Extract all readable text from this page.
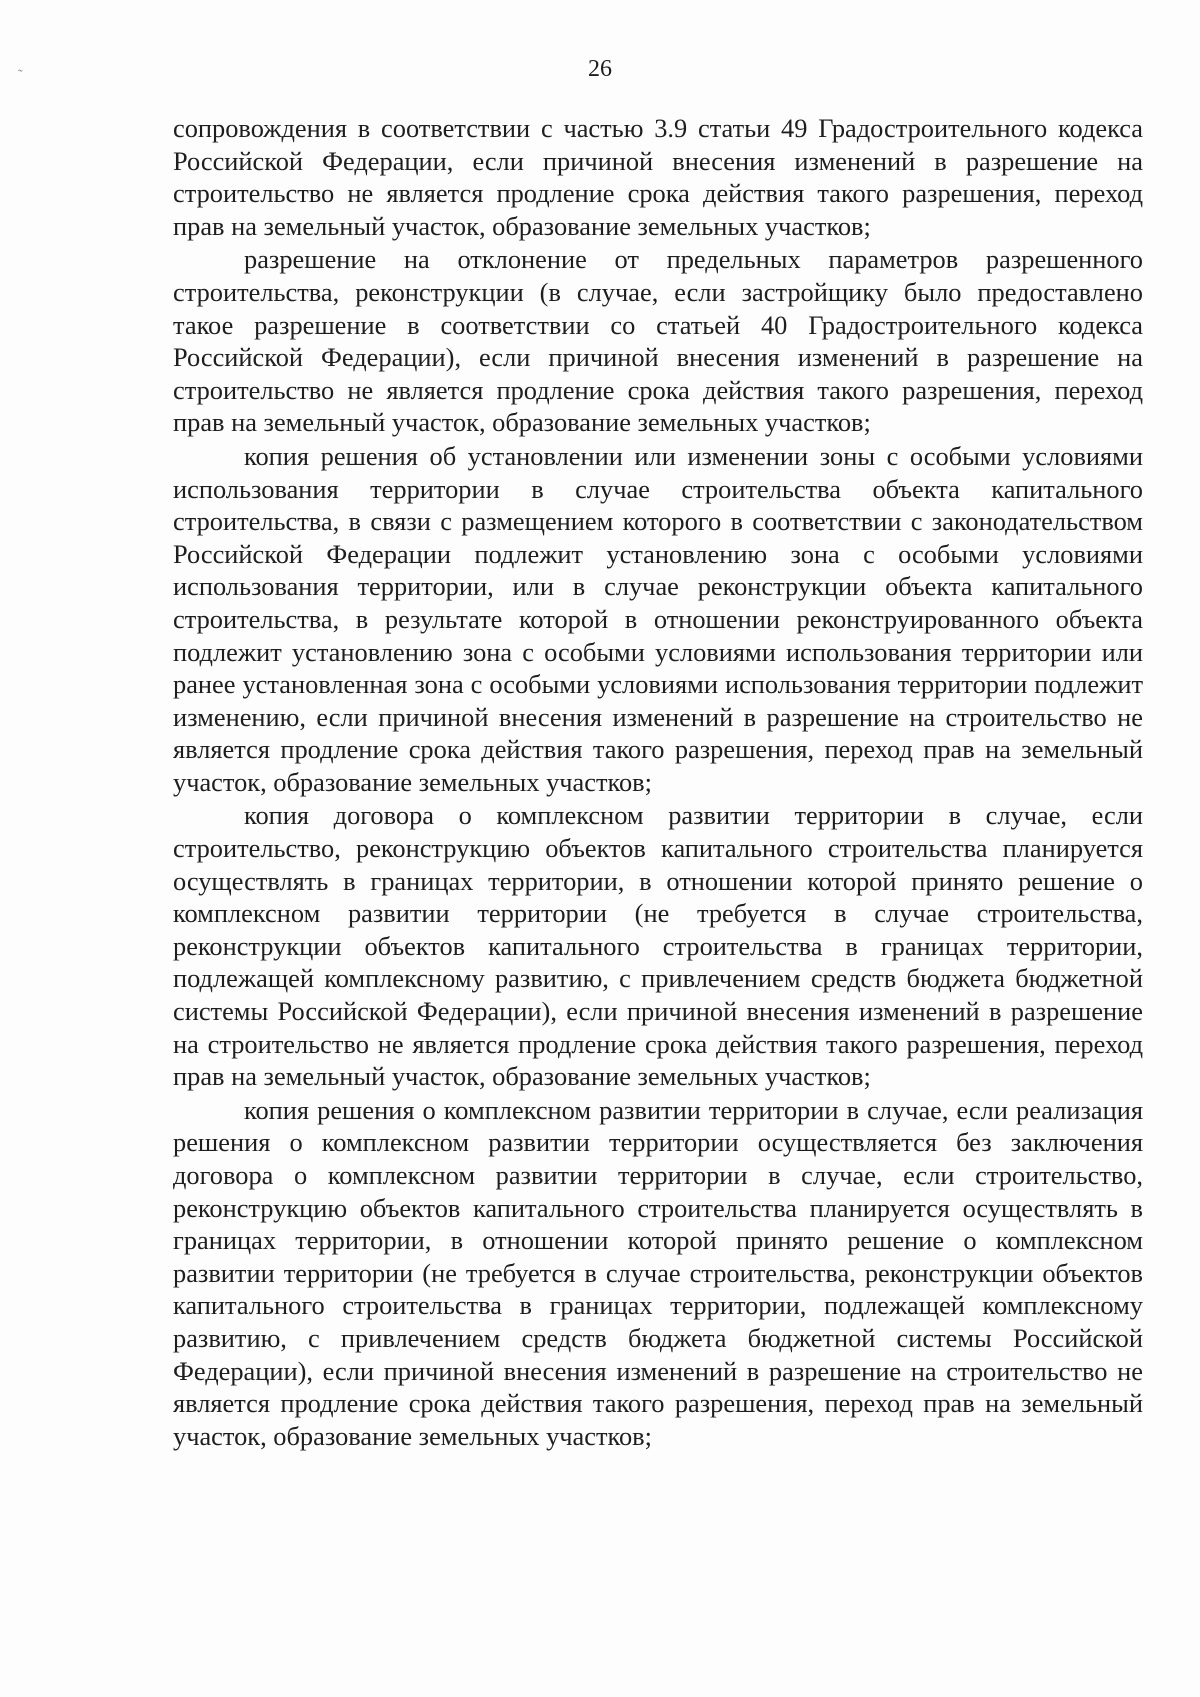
˜	26

сопровождения в соответствии с частью 3.9 статьи 49 Градостроительного кодекса Российской Федерации, если причиной внесения изменений в разрешение на строительство не является продление срока действия такого разрешения, переход прав на земельный участок, образование земельных участков;

разрешение на отклонение от предельных параметров разрешенного строительства, реконструкции (в случае, если застройщику было предоставлено такое разрешение в соответствии со статьей 40 Градостроительного кодекса Российской Федерации), если причиной внесения изменений в разрешение на строительство не является продление срока действия такого разрешения, переход прав на земельный участок, образование земельных участков;

копия решения об установлении или изменении зоны с особыми условиями использования территории в случае строительства объекта капитального строительства, в связи с размещением которого в соответствии с законодательством Российской Федерации подлежит установлению зона с особыми условиями использования территории, или в случае реконструкции объекта капитального строительства, в результате которой в отношении реконструированного объекта подлежит установлению зона с особыми условиями использования территории или ранее установленная зона с особыми условиями использования территории подлежит изменению, если причиной внесения изменений в разрешение на строительство не является продление срока действия такого разрешения, переход прав на земельный участок, образование земельных участков;

копия договора о комплексном развитии территории в случае, если строительство, реконструкцию объектов капитального строительства планируется осуществлять в границах территории, в отношении которой принято решение о комплексном развитии территории (не требуется в случае строительства, реконструкции объектов капитального строительства в границах территории, подлежащей комплексному развитию, с привлечением средств бюджета бюджетной системы Российской Федерации), если причиной внесения изменений в разрешение на строительство не является продление срока действия такого разрешения, переход прав на земельный участок, образование земельных участков;

копия решения о комплексном развитии территории в случае, если реализация решения о комплексном развитии территории осуществляется без заключения договора о комплексном развитии территории в случае, если строительство, реконструкцию объектов капитального строительства планируется осуществлять в границах территории, в отношении которой принято решение о комплексном развитии территории (не требуется в случае строительства, реконструкции объектов капитального строительства в границах территории, подлежащей комплексному развитию, с привлечением средств бюджета бюджетной системы Российской Федерации), если причиной внесения изменений в разрешение на строительство не является продление срока действия такого разрешения, переход прав на земельный участок, образование земельных участков;
